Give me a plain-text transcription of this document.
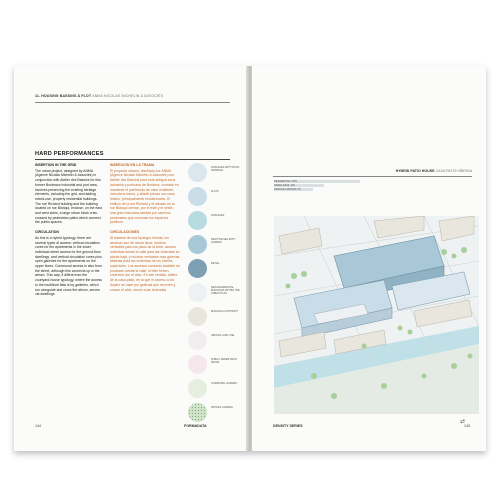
11. HOUSING BASSINS À FLOT ANMA NICOLAS MICHELIN & ASSOCIÉS
HARD PERFORMANCES
INSERTION IN THE GRID

The urban project, designed by ANMA (Agence Nicolas Michelin & Associés) in conjunction with Atelier des Bassins for this former Bordeaux industrial and port area, involves preserving the existing heritage elements, including the grid, and adding mixed-use, property residential buildings. The rue Richard building and the building located on rue Blanqui, enclose, on the east and west sides, a large urban block criss-crossed by pedestrian paths which connect the public spaces.

CIRCULATION

As this is a hybrid typology, there are several types of access: vertical circulation cores for the apartments in the tower, individual street access for the ground-floor dwellings, and vertical circulation cores plus open galleries for the apartments on the upper floors. Communal access is also from the street, although this connects up in the atrium. This way, it differs from the courtyard-house typology, where the access to the multilevel flats is by galleries, which run alongside and cross the atrium, serves via dwellings.

INSERCIÓN EN LA TRAMA

El proyecto urbano, diseñado por ANMA (Agence Nicolas Michelin & Associés) con Atelier des Bassins para esta antigua zona industrial y portuaria de Burdeos, consiste en mantener el patrimonio de valor existente, incluida la trama, y añadir piezas con usos mixtos, principalmente residenciales. El edificio de la rue Richard y el situado en la rue Blanqui cierran, por el este y el oeste, una gran manzana cariada por caminos peatonales que conectan los espacios públicos.

CIRCULACIONES

Al tratarse de una tipología híbrida, los accesos son de varios tipos: núcleos verticales para los pisos de la torre, acceso individual desde la calle para las viviendas en planta baja, y núcleos verticales más galerías abiertas para las viviendas de los niveles superiores. Los accesos comunes también se producen desde la calle, si bien tienen conexión con el atrio. En ese sentido, difiere de la casa-patio, en la que el acceso a los dúplex se hace por galerías que recorren y cruzan el atrio, sirven a las viviendas.

DUPLEXES WITH ROOF TERRACE
FLATS
DUPLEXES
PENTHOUSES WITH GARDEN
RETAIL
NEW RESIDENTIAL BUILDINGS WITHIN THE URBAN PLAN
BUILDING FOOTPRINT
INDOOR LAND USE
PUBLIC PEDESTRIAN SPACE
COMMUNAL GARDEN
PRIVATE GARDEN
144	FORM&DATA
HYBRID PATIO HOUSE CASA PATIO HÍBRIDA
RESIDENTIAL 78%
DWELLINGS: 116
PARKING SPACES: 87
⇄
DENSITY SERIES	145
